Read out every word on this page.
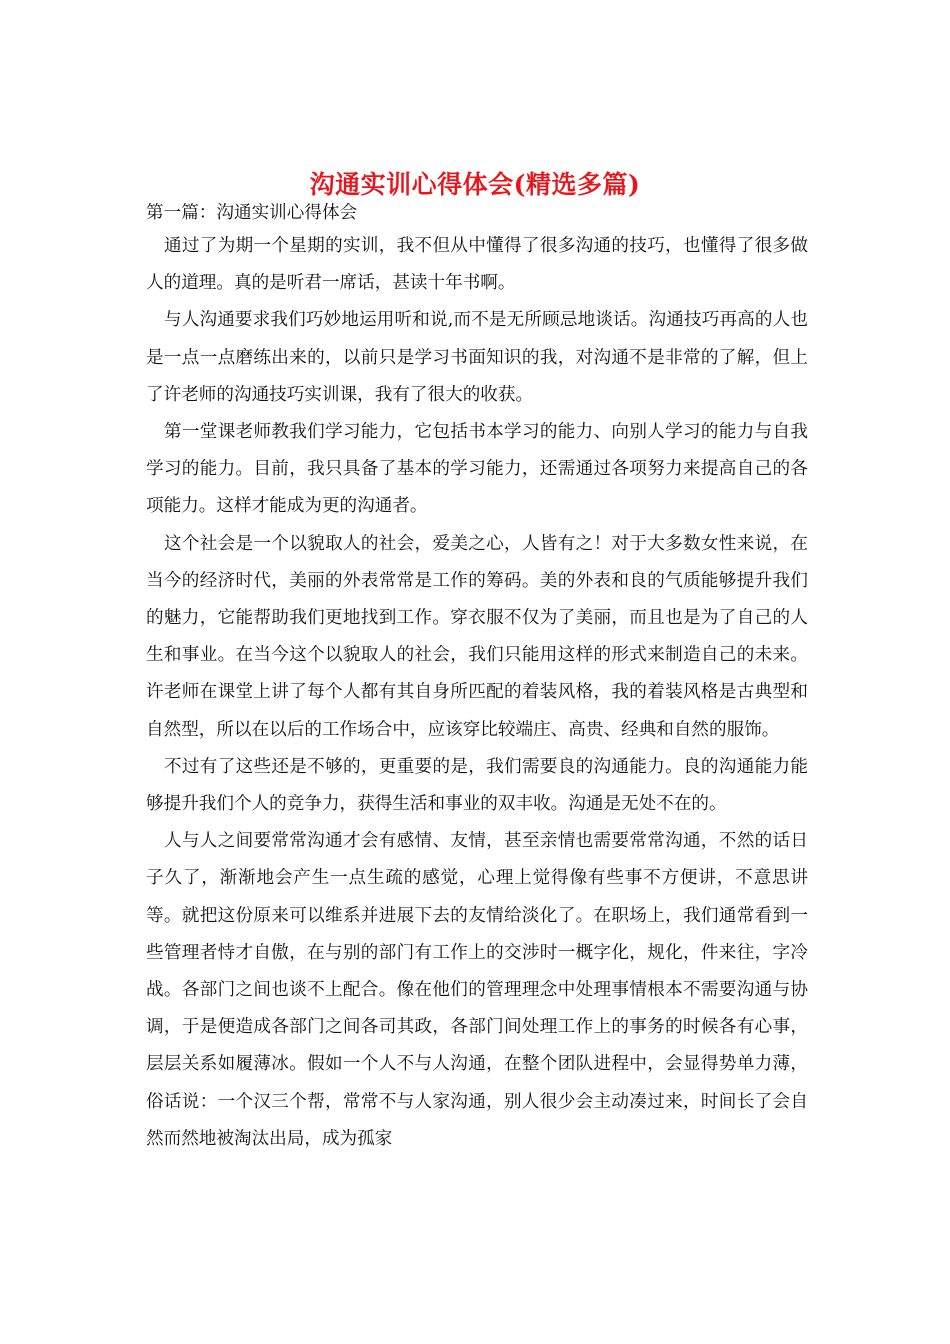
沟通实训心得体会(精选多篇)
第一篇：沟通实训心得体会

通过了为期一个星期的实训，我不但从中懂得了很多沟通的技巧，也懂得了很多做人的道理。真的是听君一席话，甚读十年书啊。

与人沟通要求我们巧妙地运用听和说,而不是无所顾忌地谈话。沟通技巧再高的人也是一点一点磨练出来的，以前只是学习书面知识的我，对沟通不是非常的了解，但上了许老师的沟通技巧实训课，我有了很大的收获。

第一堂课老师教我们学习能力，它包括书本学习的能力、向别人学习的能力与自我学习的能力。目前，我只具备了基本的学习能力，还需通过各项努力来提高自己的各项能力。这样才能成为更的沟通者。

这个社会是一个以貌取人的社会，爱美之心，人皆有之！对于大多数女性来说，在当今的经济时代，美丽的外表常常是工作的筹码。美的外表和良的气质能够提升我们的魅力，它能帮助我们更地找到工作。穿衣服不仅为了美丽，而且也是为了自己的人生和事业。在当今这个以貌取人的社会，我们只能用这样的形式来制造自己的未来。许老师在课堂上讲了每个人都有其自身所匹配的着装风格，我的着装风格是古典型和自然型，所以在以后的工作场合中，应该穿比较端庄、高贵、经典和自然的服饰。

不过有了这些还是不够的，更重要的是，我们需要良的沟通能力。良的沟通能力能够提升我们个人的竞争力，获得生活和事业的双丰收。沟通是无处不在的。

人与人之间要常常沟通才会有感情、友情，甚至亲情也需要常常沟通，不然的话日子久了，渐渐地会产生一点生疏的感觉，心理上觉得像有些事不方便讲，不意思讲等。就把这份原来可以维系并进展下去的友情给淡化了。在职场上，我们通常看到一些管理者恃才自傲，在与别的部门有工作上的交涉时一概字化，规化，件来往，字冷战。各部门之间也谈不上配合。像在他们的管理理念中处理事情根本不需要沟通与协调，于是便造成各部门之间各司其政，各部门间处理工作上的事务的时候各有心事，层层关系如履薄冰。假如一个人不与人沟通，在整个团队进程中，会显得势单力薄，俗话说：一个汉三个帮，常常不与人家沟通，别人很少会主动凑过来，时间长了会自然而然地被淘汰出局，成为孤家
